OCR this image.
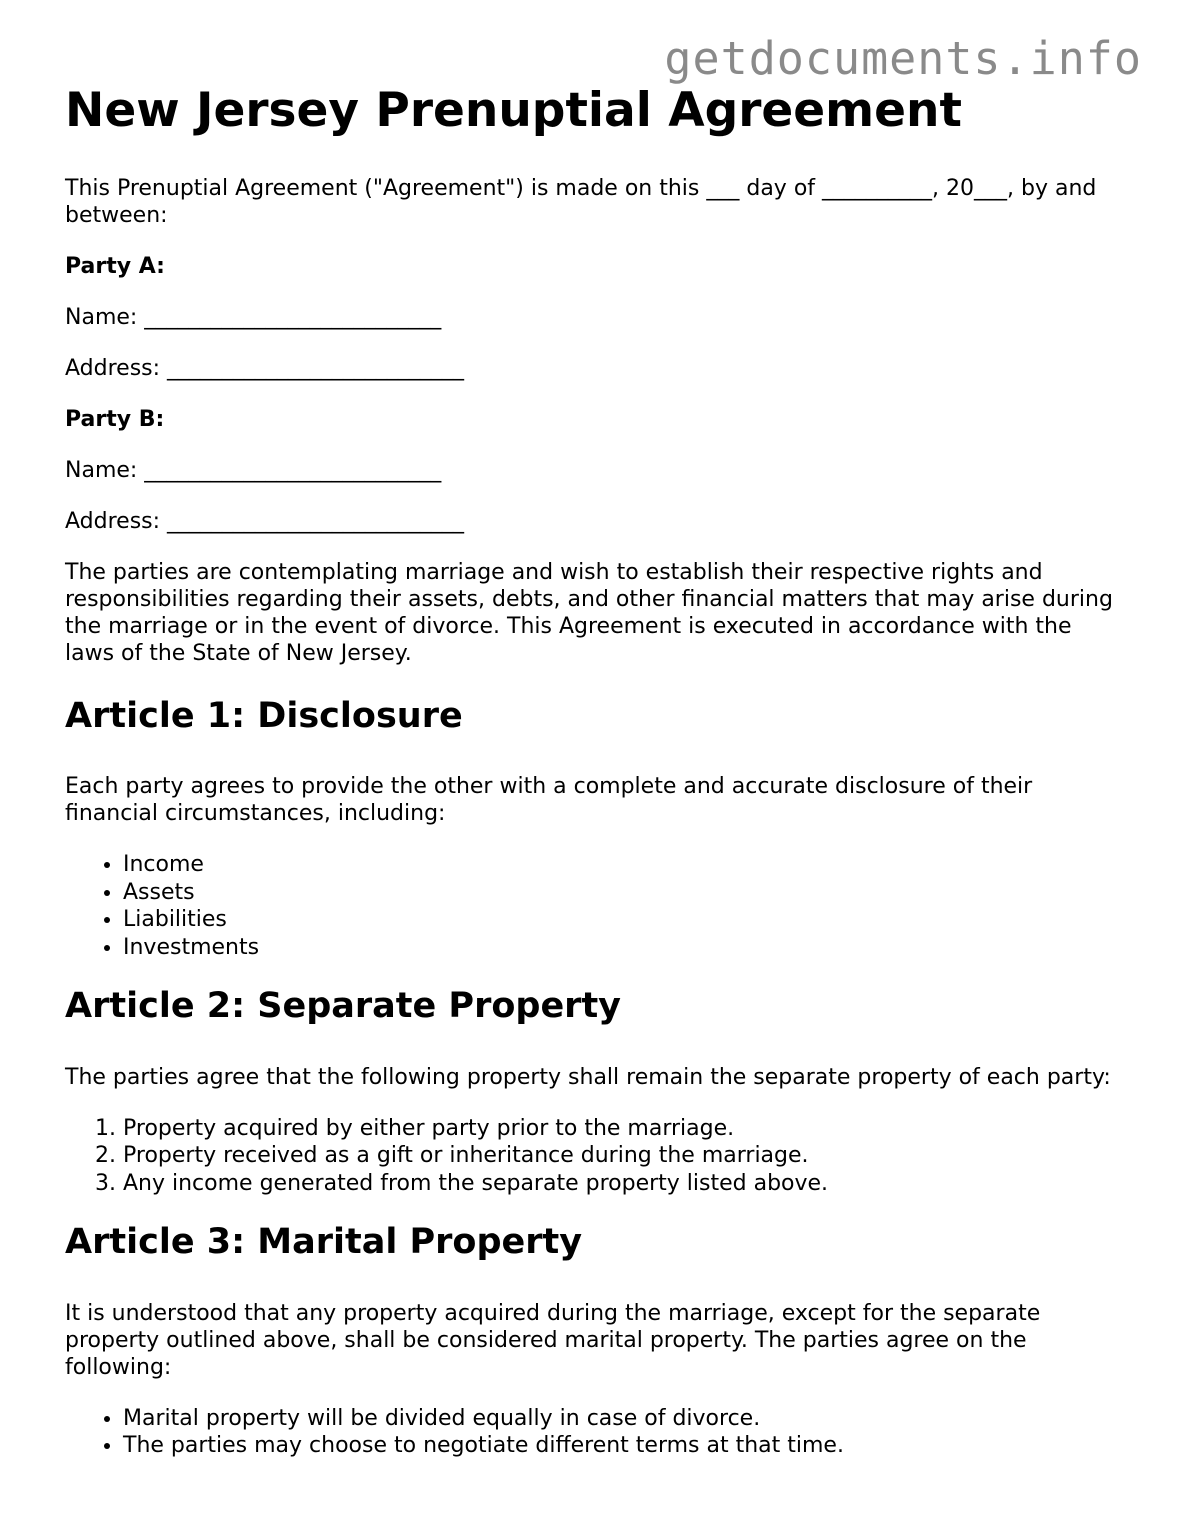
getdocuments.info
New Jersey Prenuptial Agreement

This Prenuptial Agreement ("Agreement") is made on this ___ day of __________, 20___, by and between:

Party A:

Name: ___________________________

Address: ___________________________

Party B:

Name: ___________________________

Address: ___________________________

The parties are contemplating marriage and wish to establish their respective rights and responsibilities regarding their assets, debts, and other financial matters that may arise during the marriage or in the event of divorce. This Agreement is executed in accordance with the laws of the State of New Jersey.

Article 1: Disclosure

Each party agrees to provide the other with a complete and accurate disclosure of their financial circumstances, including:

• Income
• Assets
• Liabilities
• Investments
Article 2: Separate Property

The parties agree that the following property shall remain the separate property of each party:

1. Property acquired by either party prior to the marriage.
2. Property received as a gift or inheritance during the marriage.
3. Any income generated from the separate property listed above.
Article 3: Marital Property

It is understood that any property acquired during the marriage, except for the separate property outlined above, shall be considered marital property. The parties agree on the following:

• Marital property will be divided equally in case of divorce.
• The parties may choose to negotiate different terms at that time.
